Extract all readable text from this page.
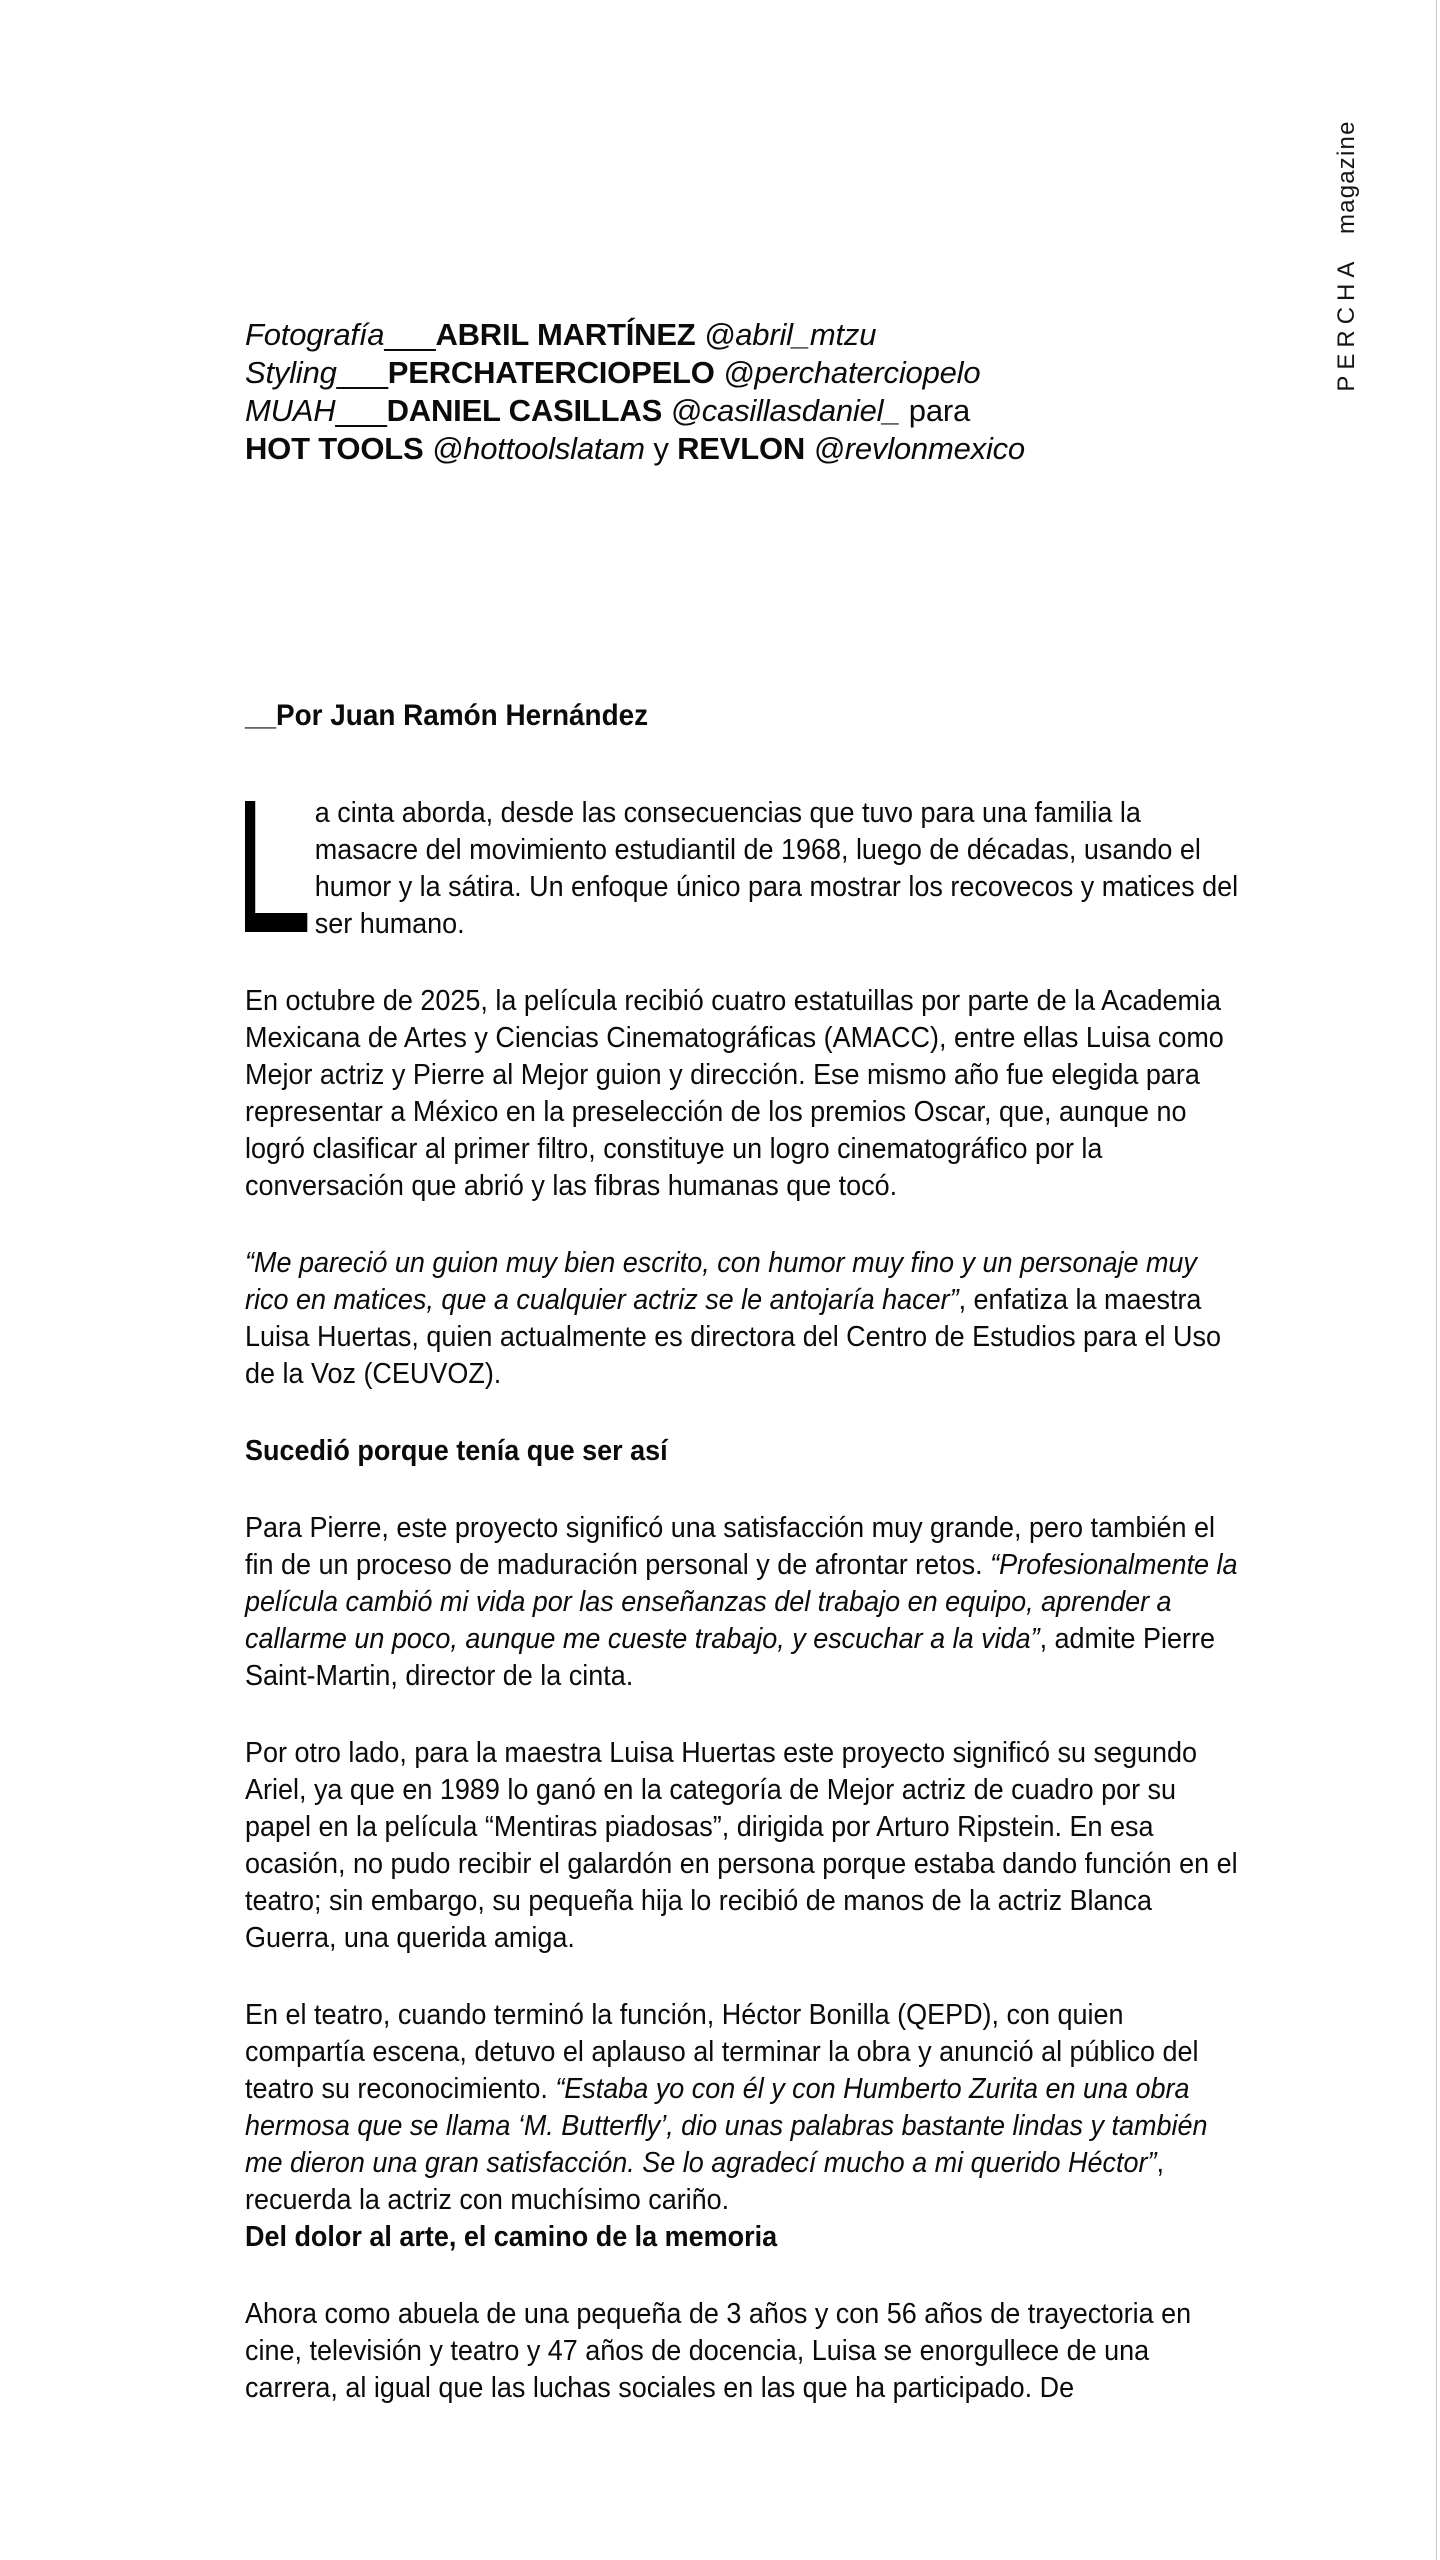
PERCHAmagazine
Fotografía___ABRIL MARTÍNEZ @abril_mtzu
Styling___PERCHATERCIOPELO @perchaterciopelo
MUAH___DANIEL CASILLAS @casillasdaniel_ para
HOT TOOLS @hottoolslatam y REVLON @revlonmexico
__Por Juan Ramón Hernández

a cinta aborda, desde las consecuencias que tuvo para una familia la masacre del movimiento estudiantil de 1968, luego de décadas, usando el humor y la sátira. Un enfoque único para mostrar los recovecos y matices del ser humano.

En octubre de 2025, la película recibió cuatro estatuillas por parte de la Academia Mexicana de Artes y Ciencias Cinematográficas (AMACC), entre ellas Luisa como Mejor actriz y Pierre al Mejor guion y dirección. Ese mismo año fue elegida para representar a México en la preselección de los premios Oscar, que, aunque no logró clasificar al primer filtro, constituye un logro cinematográfico por la conversación que abrió y las fibras humanas que tocó.

“Me pareció un guion muy bien escrito, con humor muy fino y un personaje muy rico en matices, que a cualquier actriz se le antojaría hacer”, enfatiza la maestra Luisa Huertas, quien actualmente es directora del Centro de Estudios para el Uso de la Voz (CEUVOZ).

Sucedió porque tenía que ser así

Para Pierre, este proyecto significó una satisfacción muy grande, pero también el fin de un proceso de maduración personal y de afrontar retos. “Profesionalmente la película cambió mi vida por las enseñanzas del trabajo en equipo, aprender a callarme un poco, aunque me cueste trabajo, y escuchar a la vida”, admite Pierre Saint-Martin, director de la cinta.

Por otro lado, para la maestra Luisa Huertas este proyecto significó su segundo Ariel, ya que en 1989 lo ganó en la categoría de Mejor actriz de cuadro por su papel en la película “Mentiras piadosas”, dirigida por Arturo Ripstein. En esa ocasión, no pudo recibir el galardón en persona porque estaba dando función en el teatro; sin embargo, su pequeña hija lo recibió de manos de la actriz Blanca Guerra, una querida amiga.

En el teatro, cuando terminó la función, Héctor Bonilla (QEPD), con quien compartía escena, detuvo el aplauso al terminar la obra y anunció al público del teatro su reconocimiento. “Estaba yo con él y con Humberto Zurita en una obra hermosa que se llama ‘M. Butterfly’, dio unas palabras bastante lindas y también me dieron una gran satisfacción. Se lo agradecí mucho a mi querido Héctor”, recuerda la actriz con muchísimo cariño.

Del dolor al arte, el camino de la memoria

Ahora como abuela de una pequeña de 3 años y con 56 años de trayectoria en cine, televisión y teatro y 47 años de docencia, Luisa se enorgullece de una carrera, al igual que las luchas sociales en las que ha participado. De
